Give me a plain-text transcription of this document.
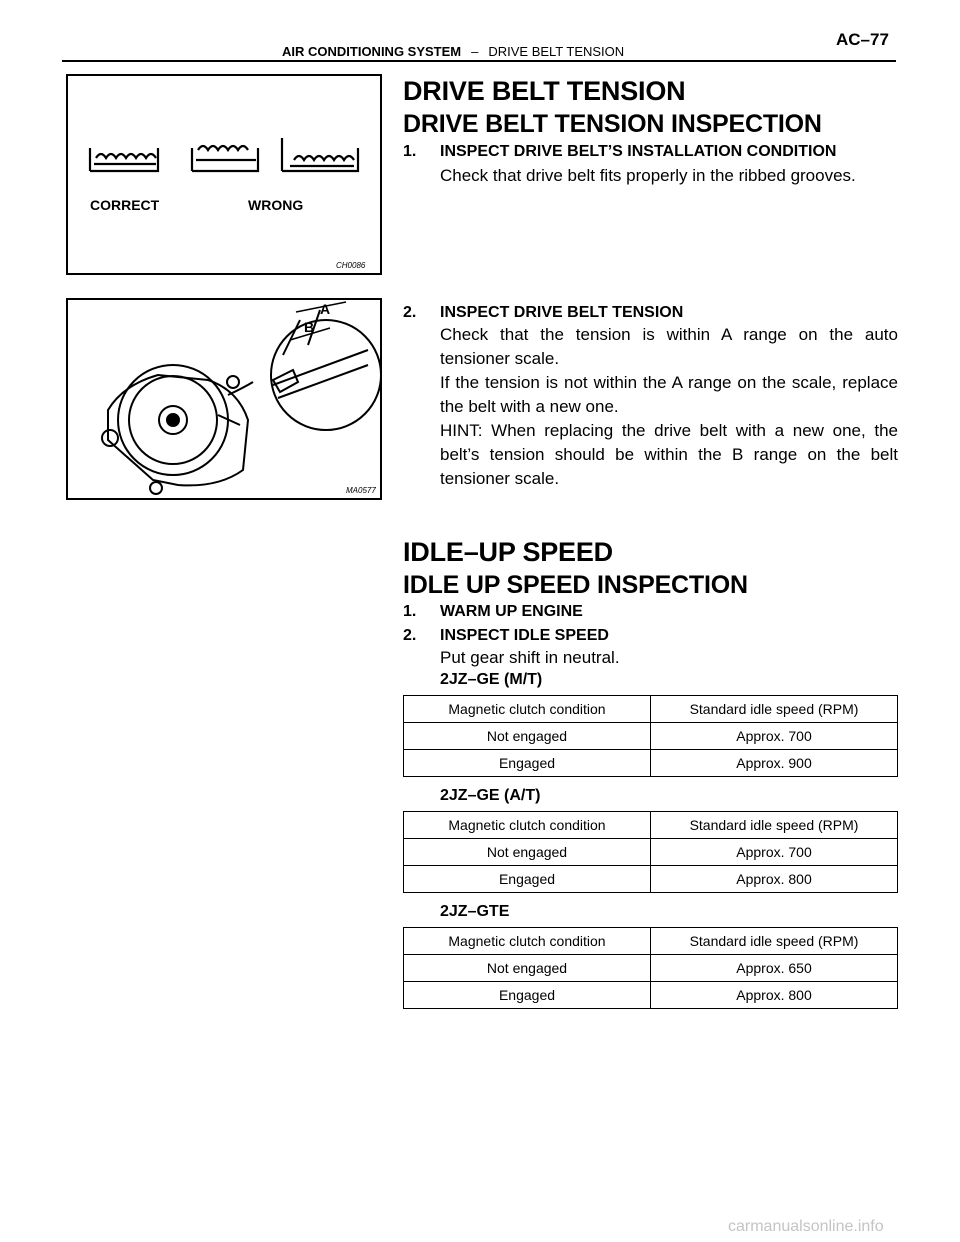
AIR CONDITIONING SYSTEM – DRIVE BELT TENSION
AC–77
CORRECT	WRONG
CH0086
A
B
MA0577
DRIVE BELT TENSION
DRIVE BELT TENSION INSPECTION
1. INSPECT DRIVE BELT’S INSTALLATION CONDITION
Check that drive belt fits properly in the ribbed grooves.
2. INSPECT DRIVE BELT TENSION

Check that the tension is within A range on the auto tensioner scale.

If the tension is not within the A range on the scale, replace the belt with a new one.

HINT: When replacing the drive belt with a new one, the belt’s tension should be within the B range on the belt tensioner scale.

IDLE–UP SPEED
IDLE UP SPEED INSPECTION
1. WARM UP ENGINE
2. INSPECT IDLE SPEED
Put gear shift in neutral.
2JZ–GE (M/T)
Magnetic clutch condition	Standard idle speed (RPM)
Not engaged	Approx. 700
Engaged	Approx. 900
2JZ–GE (A/T)
Magnetic clutch condition	Standard idle speed (RPM)
Not engaged	Approx. 700
Engaged	Approx. 800
2JZ–GTE
Magnetic clutch condition	Standard idle speed (RPM)
Not engaged	Approx. 650
Engaged	Approx. 800
carmanualsonline.info
